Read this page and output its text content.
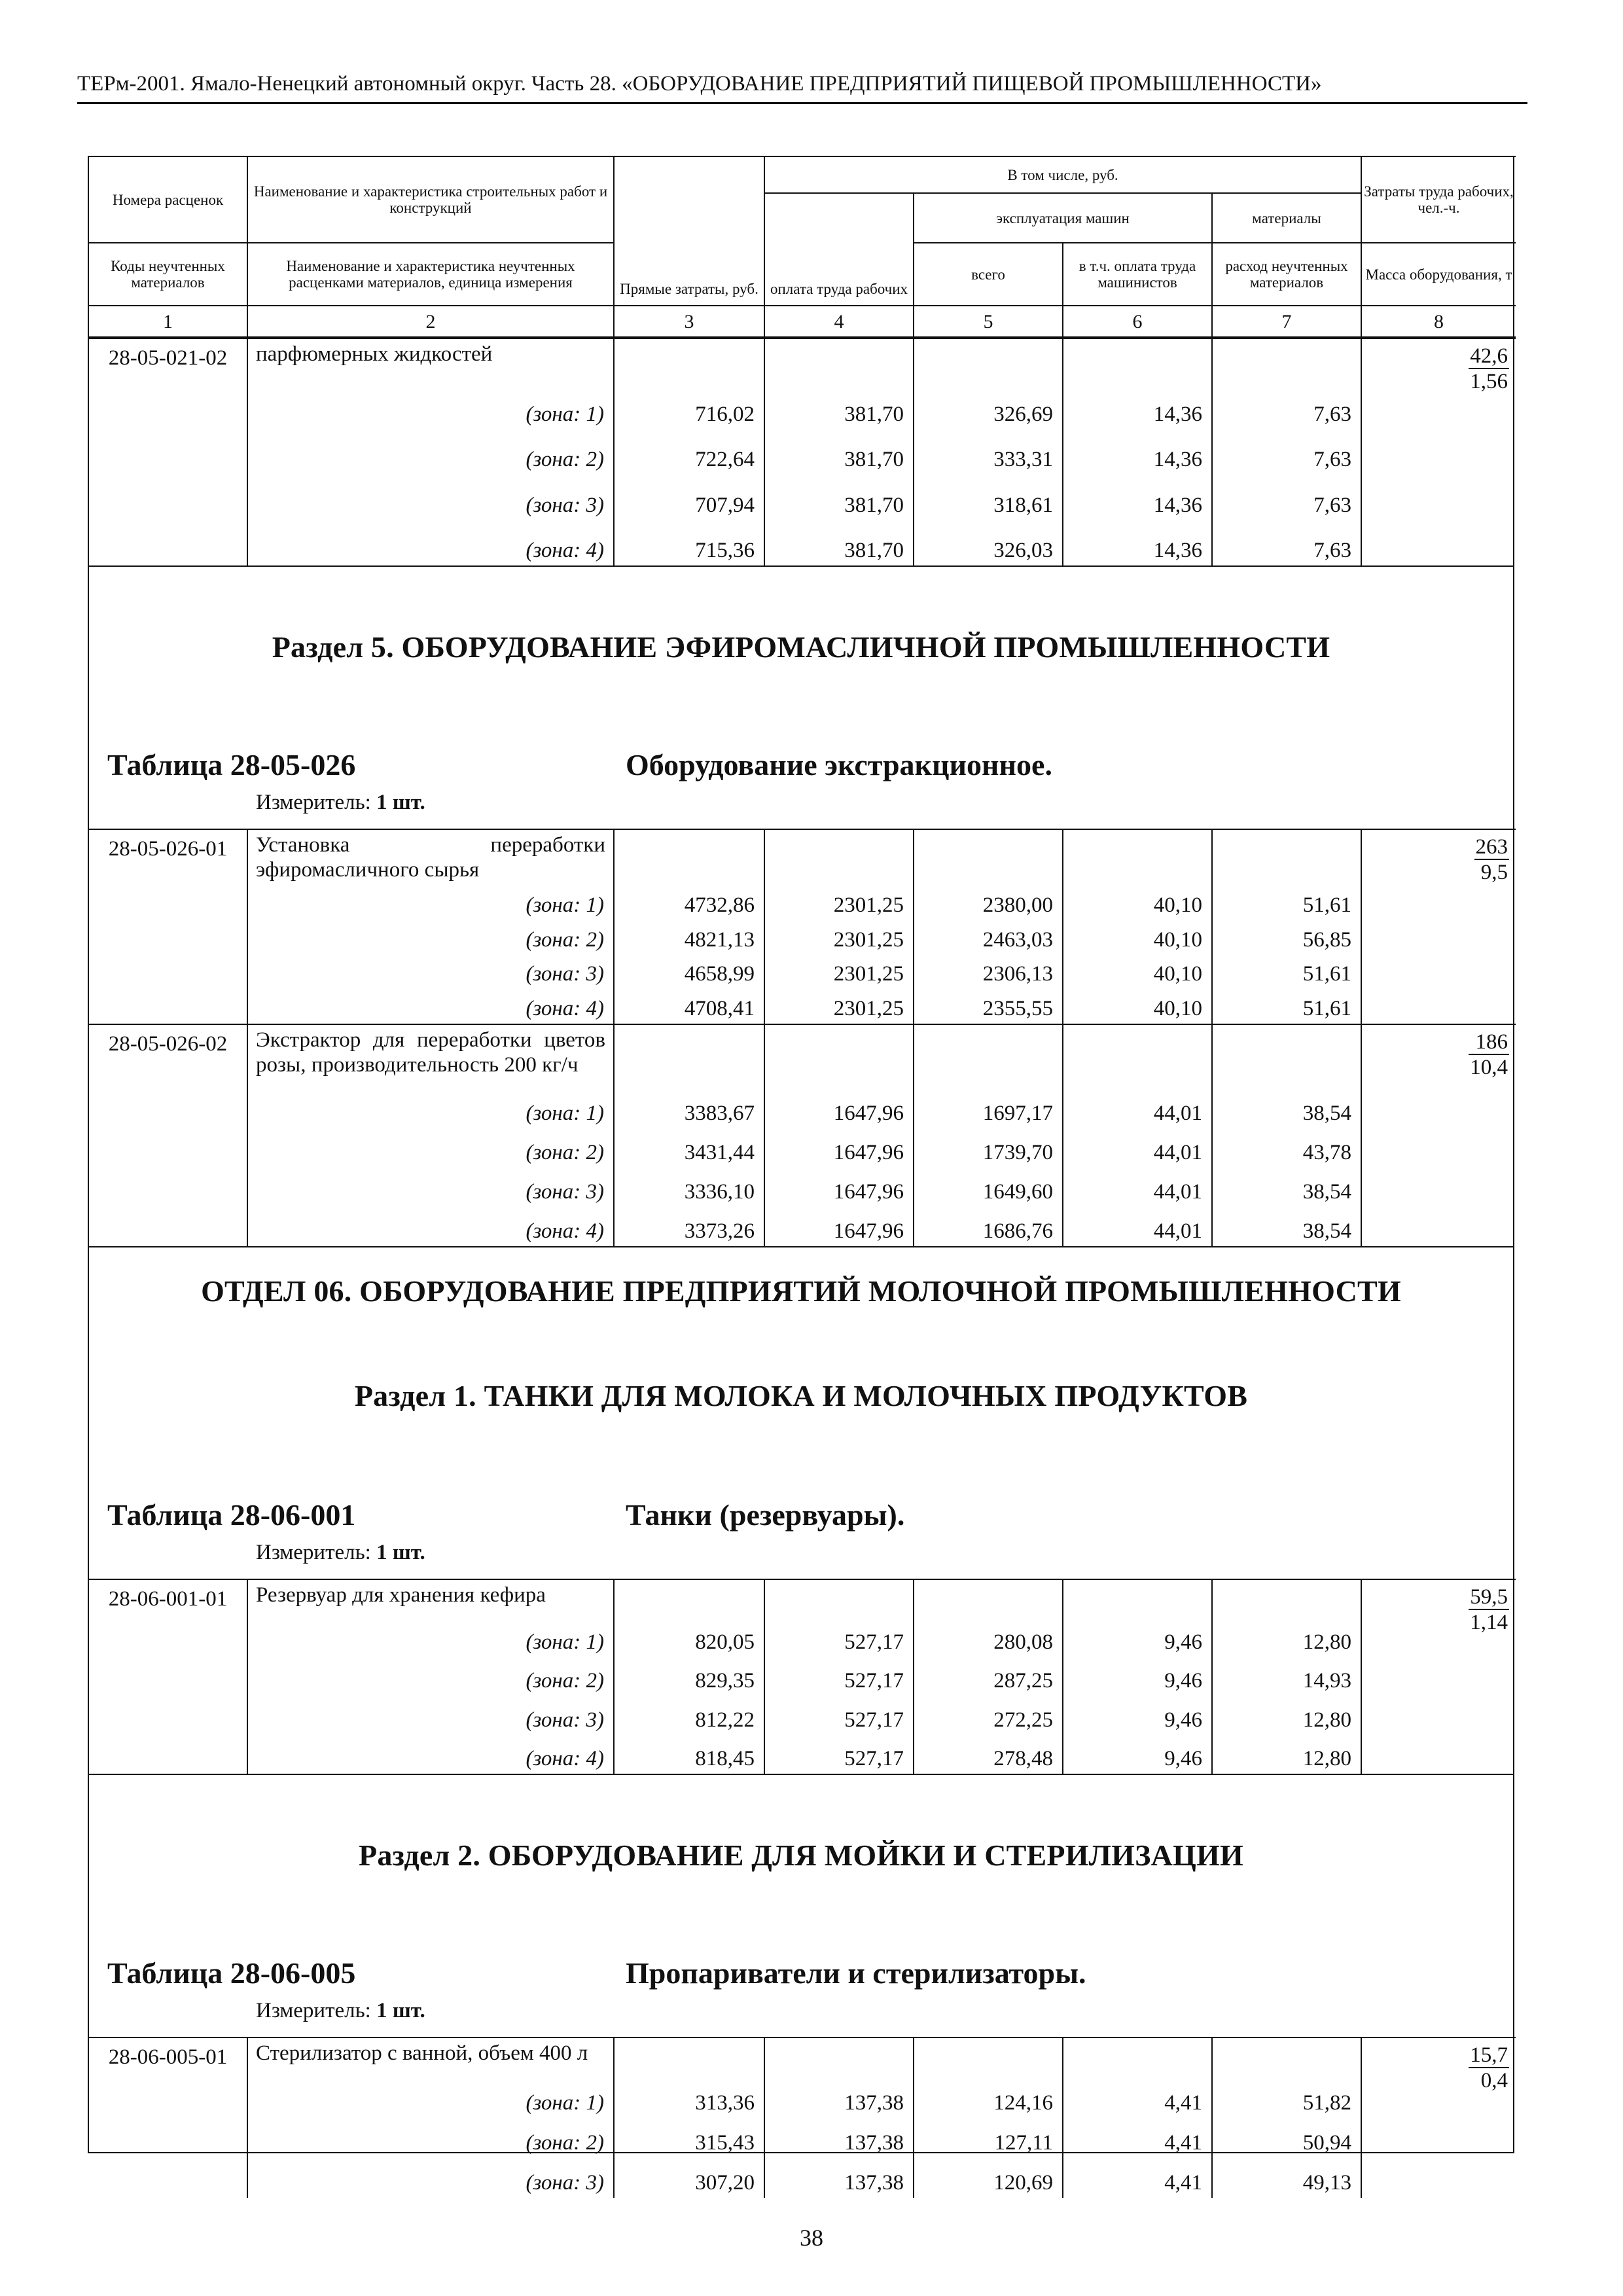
ТЕРм-2001. Ямало-Ненецкий автономный округ. Часть 28. «ОБОРУДОВАНИЕ ПРЕДПРИЯТИЙ ПИЩЕВОЙ ПРОМЫШЛЕННОСТИ»
Номера расценок	Наименование и характеристика строительных работ и конструкций	Прямые затраты, руб.	В том числе, руб.				Затраты труда рабочих, чел.-ч.
			оплата труда рабочих	эксплуатация машин		материалы	
Коды неучтенных материалов	Наименование и характеристика неучтенных расценками материалов, единица измерения			всего	в т.ч. оплата труда машинистов	расход неучтенных материалов	Масса оборудования, т
1	2	3	4	5	6	7	8
28-05-021-02	парфюмерных жидкостей						$\frac{42,6}{1,56}$

	(зона: 1)	716,02	381,70	326,69	14,36	7,63	
	(зона: 2)	722,64	381,70	333,31	14,36	7,63	
	(зона: 3)	707,94	381,70	318,61	14,36	7,63	
	(зона: 4)	715,36	381,70	326,03	14,36	7,63	
Раздел 5. ОБОРУДОВАНИЕ ЭФИРОМАСЛИЧНОЙ ПРОМЫШЛЕННОСТИ
Таблица 28-05-026	Оборудование экстракционное.
Измеритель: 1 шт.
28-05-026-01	Установка переработки эфиромасличного сырья						$\frac{263}{9,5}$

	(зона: 1)	4732,86	2301,25	2380,00	40,10	51,61	
	(зона: 2)	4821,13	2301,25	2463,03	40,10	56,85	
	(зона: 3)	4658,99	2301,25	2306,13	40,10	51,61	
	(зона: 4)	4708,41	2301,25	2355,55	40,10	51,61	
28-05-026-02	Экстрактор для переработки цветов розы, производительность 200 кг/ч						$\frac{186}{10,4}$

	(зона: 1)	3383,67	1647,96	1697,17	44,01	38,54	
	(зона: 2)	3431,44	1647,96	1739,70	44,01	43,78	
	(зона: 3)	3336,10	1647,96	1649,60	44,01	38,54	
	(зона: 4)	3373,26	1647,96	1686,76	44,01	38,54	
ОТДЕЛ 06. ОБОРУДОВАНИЕ ПРЕДПРИЯТИЙ МОЛОЧНОЙ ПРОМЫШЛЕННОСТИ
Раздел 1. ТАНКИ ДЛЯ МОЛОКА И МОЛОЧНЫХ ПРОДУКТОВ
Таблица 28-06-001	Танки (резервуары).
Измеритель: 1 шт.
28-06-001-01	Резервуар для хранения кефира						$\frac{59,5}{1,14}$

	(зона: 1)	820,05	527,17	280,08	9,46	12,80	
	(зона: 2)	829,35	527,17	287,25	9,46	14,93	
	(зона: 3)	812,22	527,17	272,25	9,46	12,80	
	(зона: 4)	818,45	527,17	278,48	9,46	12,80	
Раздел 2. ОБОРУДОВАНИЕ ДЛЯ МОЙКИ И СТЕРИЛИЗАЦИИ
Таблица 28-06-005	Пропариватели и стерилизаторы.
Измеритель: 1 шт.
28-06-005-01	Стерилизатор с ванной, объем 400 л						$\frac{15,7}{0,4}$

	(зона: 1)	313,36	137,38	124,16	4,41	51,82	
	(зона: 2)	315,43	137,38	127,11	4,41	50,94	
	(зона: 3)	307,20	137,38	120,69	4,41	49,13	
38
